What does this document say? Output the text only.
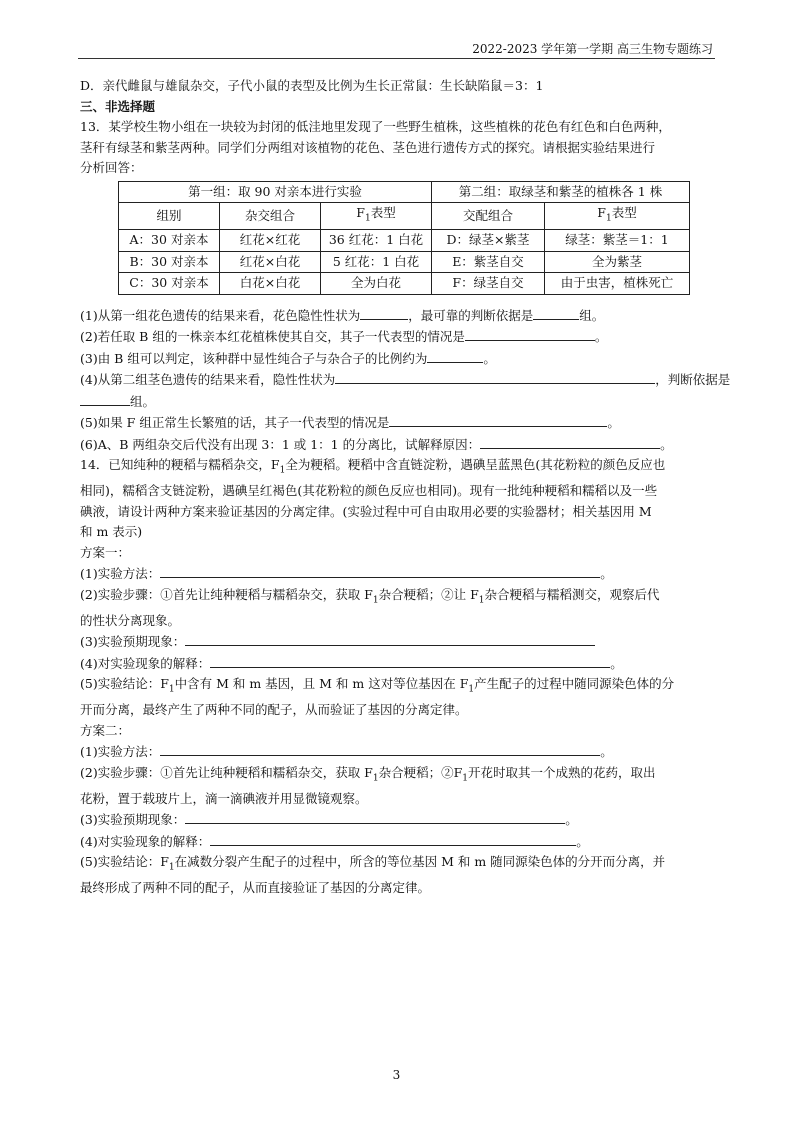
2022-2023 学年第一学期 高三生物专题练习
D．亲代雌鼠与雄鼠杂交，子代小鼠的表型及比例为生长正常鼠：生长缺陷鼠＝3：1
三、非选择题
13．某学校生物小组在一块较为封闭的低洼地里发现了一些野生植株，这些植株的花色有红色和白色两种，
茎秆有绿茎和紫茎两种。同学们分两组对该植物的花色、茎色进行遗传方式的探究。请根据实验结果进行
分析回答：
第一组：取 90 对亲本进行实验			第二组：取绿茎和紫茎的植株各 1 株	
组别	杂交组合	$F_1$表型	交配组合	$F_1$表型
A：30 对亲本	红花×红花	36 红花：1 白花	D：绿茎×紫茎	绿茎：紫茎＝1：1
B：30 对亲本	红花×白花	5 红花：1 白花	E：紫茎自交	全为紫茎
C：30 对亲本	白花×白花	全为白花	F：绿茎自交	由于虫害，植株死亡
(1)从第一组花色遗传的结果来看，花色隐性性状为	，最可靠的判断依据是	组。
(2)若任取 B 组的一株亲本红花植株使其自交，其子一代表型的情况是	。
(3)由 B 组可以判定，该种群中显性纯合子与杂合子的比例约为	。
(4)从第二组茎色遗传的结果来看，隐性性状为	，判断依据是
组。
(5)如果 F 组正常生长繁殖的话，其子一代表型的情况是	。
(6)A、B 两组杂交后代没有出现 3：1 或 1：1 的分离比，试解释原因：	。
14．已知纯种的粳稻与糯稻杂交，$F_1$全为粳稻。粳稻中含直链淀粉，遇碘呈蓝黑色(其花粉粒的颜色反应也
相同)，糯稻含支链淀粉，遇碘呈红褐色(其花粉粒的颜色反应也相同)。现有一批纯种粳稻和糯稻以及一些
碘液，请设计两种方案来验证基因的分离定律。(实验过程中可自由取用必要的实验器材；相关基因用 M
和 m 表示)
方案一：
(1)实验方法：	。
(2)实验步骤：①首先让纯种粳稻与糯稻杂交，获取 $F_1$杂合粳稻；②让 $F_1$杂合粳稻与糯稻测交，观察后代
的性状分离现象。
(3)实验预期现象：
(4)对实验现象的解释：	。
(5)实验结论：$F_1$中含有 M 和 m 基因，且 M 和 m 这对等位基因在 $F_1$产生配子的过程中随同源染色体的分
开而分离，最终产生了两种不同的配子，从而验证了基因的分离定律。
方案二：
(1)实验方法：	。
(2)实验步骤：①首先让纯种粳稻和糯稻杂交，获取 $F_1$杂合粳稻；$②F_1$开花时取其一个成熟的花药，取出
花粉，置于载玻片上，滴一滴碘液并用显微镜观察。
(3)实验预期现象：	。
(4)对实验现象的解释：	。
(5)实验结论：$F_1$在减数分裂产生配子的过程中，所含的等位基因 M 和 m 随同源染色体的分开而分离，并
最终形成了两种不同的配子，从而直接验证了基因的分离定律。
3
